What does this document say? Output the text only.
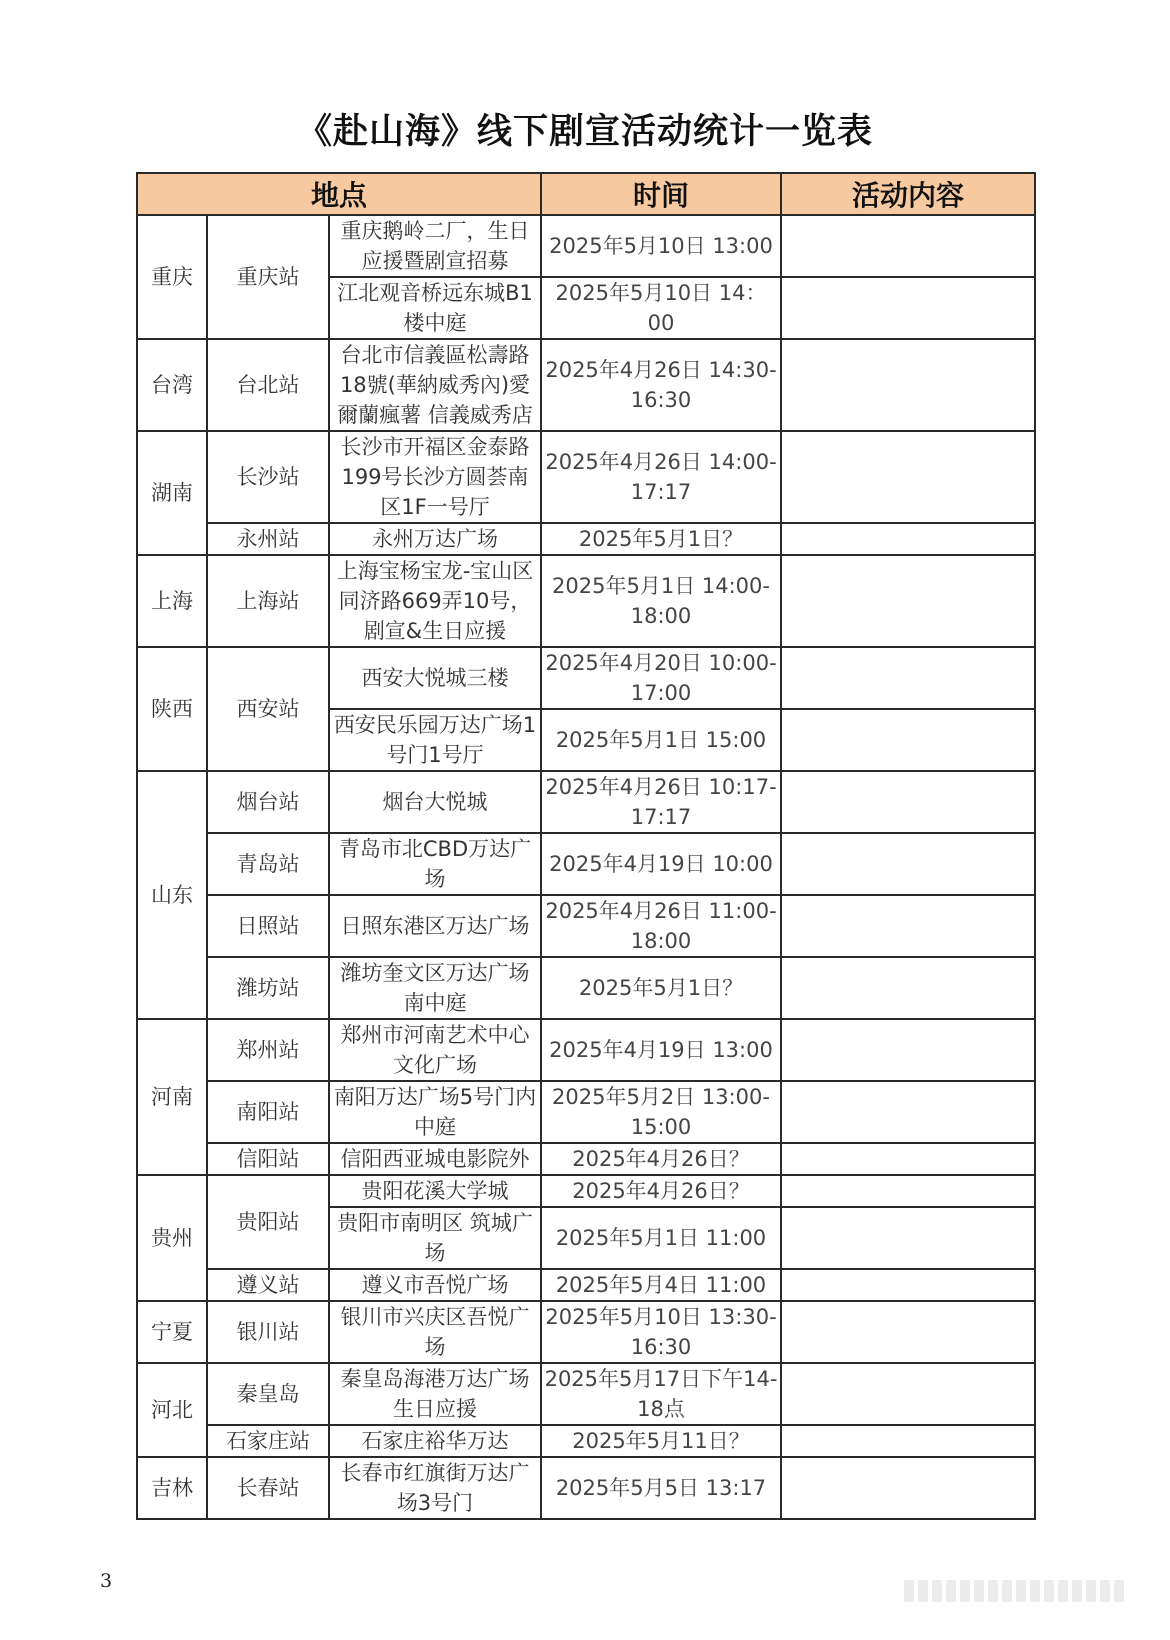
《赴山海》线下剧宣活动统计一览表
地点			时间	活动内容
重庆	重庆站	重庆鹅岭二厂，生日应援暨剧宣招募	2025年5月10日 13:00	
		江北观音桥远东城B1楼中庭	2025年5月10日 14：00	
台湾	台北站	台北市信義區松壽路18號(華納威秀內)愛爾蘭瘋薯 信義威秀店	2025年4月26日 14:30-16:30	
湖南	长沙站	长沙市开福区金泰路199号长沙方圆荟南区1F一号厅	2025年4月26日 14:00-17:17	
	永州站	永州万达广场	2025年5月1日？	
上海	上海站	上海宝杨宝龙-宝山区同济路669弄10号，剧宣&生日应援	2025年5月1日 14:00-18:00	
陕西	西安站	西安大悦城三楼	2025年4月20日 10:00-17:00	
		西安民乐园万达广场1号门1号厅	2025年5月1日 15:00	
山东	烟台站	烟台大悦城	2025年4月26日 10:17-17:17	
	青岛站	青岛市北CBD万达广场	2025年4月19日 10:00	
	日照站	日照东港区万达广场	2025年4月26日 11:00-18:00	
	潍坊站	潍坊奎文区万达广场南中庭	2025年5月1日？	
河南	郑州站	郑州市河南艺术中心文化广场	2025年4月19日 13:00	
	南阳站	南阳万达广场5号门内中庭	2025年5月2日 13:00-15:00	
	信阳站	信阳西亚城电影院外	2025年4月26日？	
贵州	贵阳站	贵阳花溪大学城	2025年4月26日？	
		贵阳市南明区 筑城广场	2025年5月1日 11:00	
	遵义站	遵义市吾悦广场	2025年5月4日 11:00	
宁夏	银川站	银川市兴庆区吾悦广场	2025年5月10日 13:30-16:30	
河北	秦皇岛	秦皇岛海港万达广场生日应援	2025年5月17日下午14-18点	
	石家庄站	石家庄裕华万达	2025年5月11日？	
吉林	长春站	长春市红旗街万达广场3号门	2025年5月5日 13:17	
3
